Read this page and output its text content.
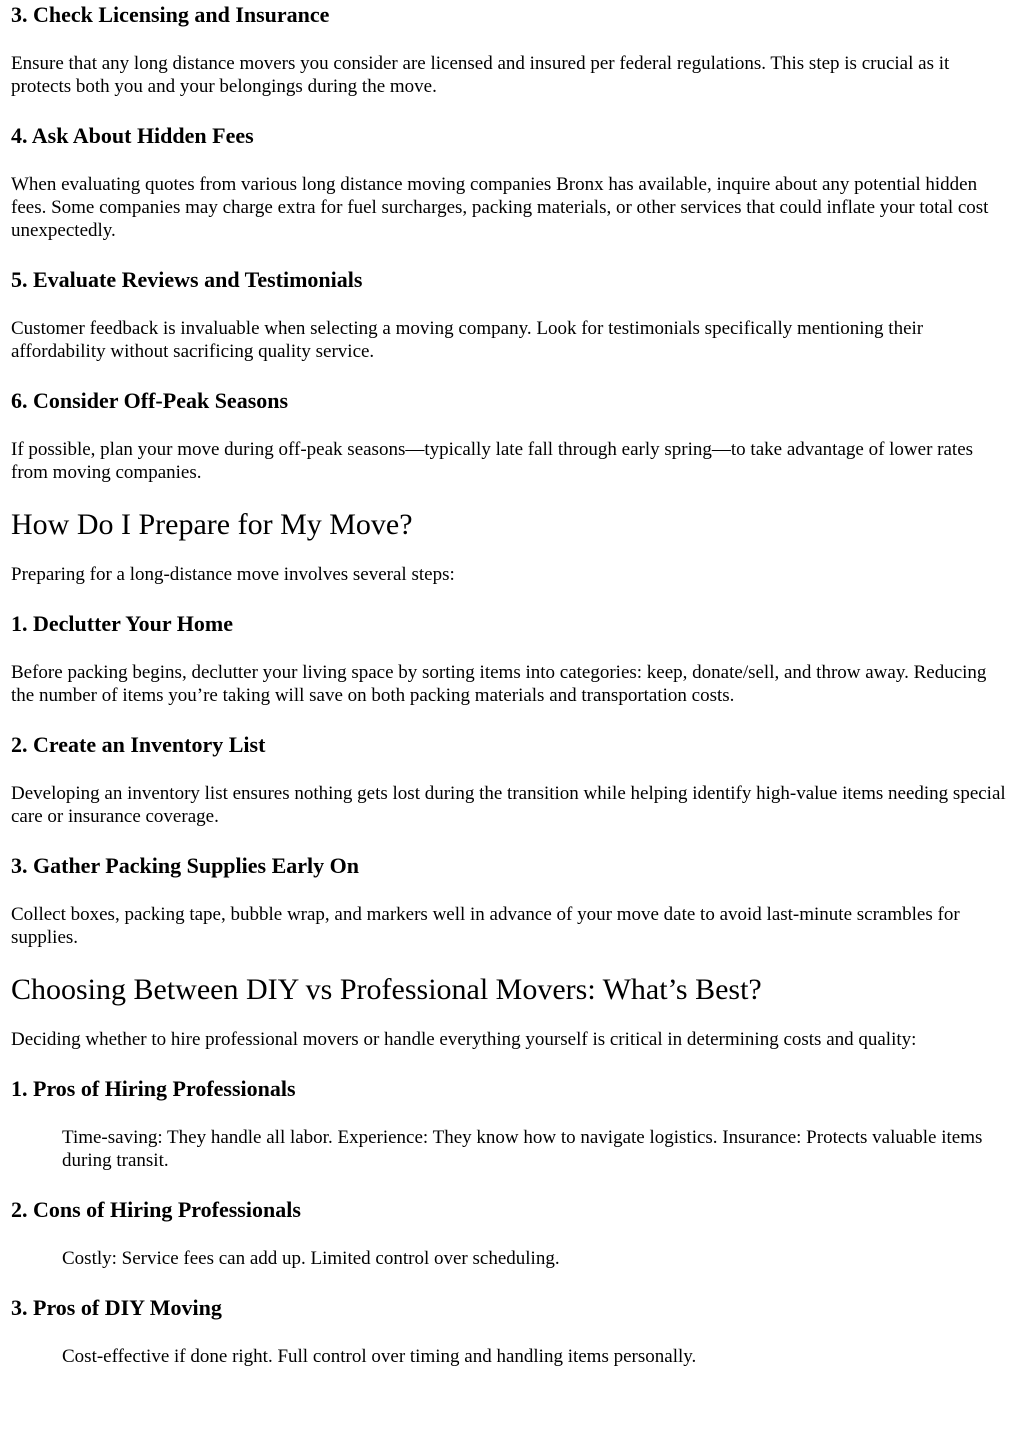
3. Check Licensing and Insurance

Ensure that any long distance movers you consider are licensed and insured per federal regulations. This step is crucial as it protects both you and your belongings during the move.

4. Ask About Hidden Fees

When evaluating quotes from various long distance moving companies Bronx has available, inquire about any potential hidden fees. Some companies may charge extra for fuel surcharges, packing materials, or other services that could inflate your total cost unexpectedly.

5. Evaluate Reviews and Testimonials

Customer feedback is invaluable when selecting a moving company. Look for testimonials specifically mentioning their affordability without sacrificing quality service.

6. Consider Off-Peak Seasons

If possible, plan your move during off-peak seasons—typically late fall through early spring—to take advantage of lower rates from moving companies.

How Do I Prepare for My Move?

Preparing for a long-distance move involves several steps:

1. Declutter Your Home

Before packing begins, declutter your living space by sorting items into categories: keep, donate/sell, and throw away. Reducing the number of items you’re taking will save on both packing materials and transportation costs.

2. Create an Inventory List

Developing an inventory list ensures nothing gets lost during the transition while helping identify high-value items needing special care or insurance coverage.

3. Gather Packing Supplies Early On

Collect boxes, packing tape, bubble wrap, and markers well in advance of your move date to avoid last-minute scrambles for supplies.

Choosing Between DIY vs Professional Movers: What’s Best?

Deciding whether to hire professional movers or handle everything yourself is critical in determining costs and quality:

1. Pros of Hiring Professionals
Time-saving: They handle all labor. Experience: They know how to navigate logistics. Insurance: Protects valuable items during transit.
2. Cons of Hiring Professionals
Costly: Service fees can add up. Limited control over scheduling.
3. Pros of DIY Moving
Cost-effective if done right. Full control over timing and handling items personally.
